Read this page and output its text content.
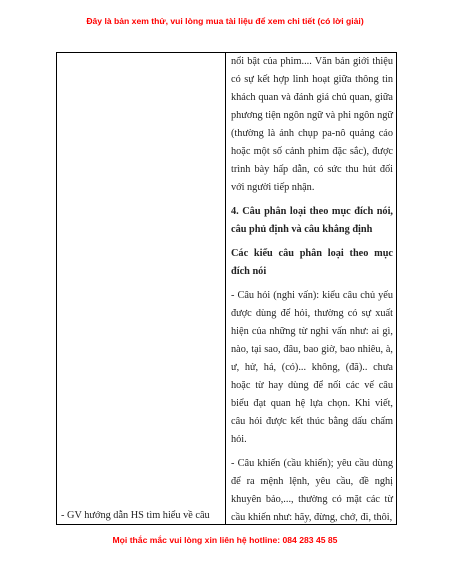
Đây là bản xem thử, vui lòng mua tài liệu để xem chi tiết (có lời giải)
- GV hướng dẫn HS tìm hiểu về câu

nổi bật của phim.... Văn bản giới thiệu có sự kết hợp linh hoạt giữa thông tin khách quan và đánh giá chủ quan, giữa phương tiện ngôn ngữ và phi ngôn ngữ (thường là ảnh chụp pa-nô quảng cáo hoặc một số cảnh phim đặc sắc), được trình bày hấp dẫn, có sức thu hút đối với người tiếp nhận.

4. Câu phân loại theo mục đích nói, câu phủ định và câu khẳng định

Các kiểu câu phân loại theo mục đích nói

- Câu hỏi (nghi vấn): kiểu câu chủ yếu được dùng để hỏi, thường có sự xuất hiện của những từ nghi vấn như: ai gì, nào, tại sao, đâu, bao giờ, bao nhiêu, à, ư, hử, há, (có)... không, (đã).. chưa hoặc từ hay dùng để nối các vế câu biểu đạt quan hệ lựa chọn. Khi viết, câu hỏi được kết thúc bằng dấu chấm hỏi.

- Câu khiến (cầu khiến); yêu cầu dùng để ra mệnh lệnh, yêu cầu, đề nghị khuyên bảo,..., thường có mặt các từ cầu khiến như: hãy, đừng, chớ, đi, thôi,

Mọi thắc mắc vui lòng xin liên hệ hotline: 084 283 45 85
